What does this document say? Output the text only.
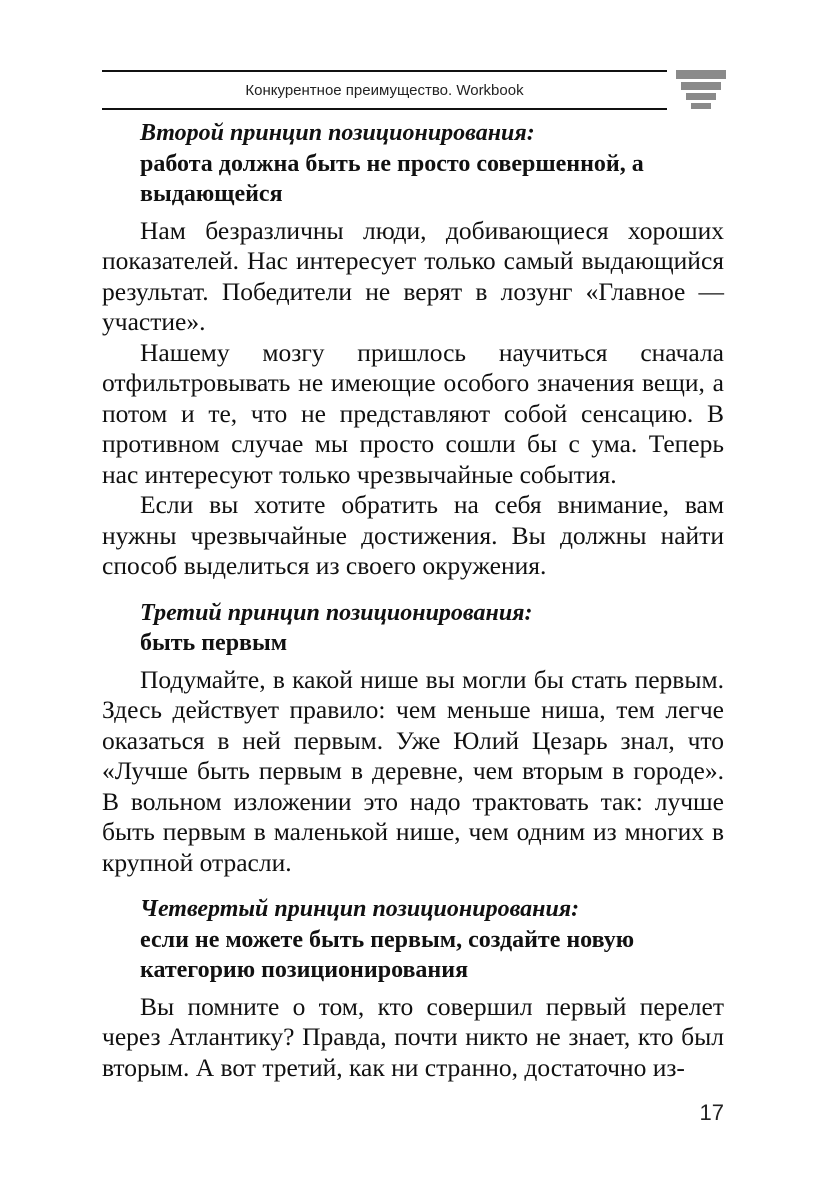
Конкурентное преимущество. Workbook
Второй принцип позиционирования:
работа должна быть не просто совершенной, а выдающейся

Нам безразличны люди, добивающиеся хороших показателей. Нас интересует только самый выдающийся результат. Победители не верят в лозунг «Главное — участие».

Нашему мозгу пришлось научиться сначала отфильтровывать не имеющие особого значения вещи, а потом и те, что не представляют собой сенсацию. В противном случае мы просто сошли бы с ума. Теперь нас интересуют только чрезвычайные события.

Если вы хотите обратить на себя внимание, вам нужны чрезвычайные достижения. Вы должны найти способ выделиться из своего окружения.

Третий принцип позиционирования:
быть первым

Подумайте, в какой нише вы могли бы стать первым. Здесь действует правило: чем меньше ниша, тем легче оказаться в ней первым. Уже Юлий Цезарь знал, что «Лучше быть первым в деревне, чем вторым в городе». В вольном изложении это надо трактовать так: лучше быть первым в маленькой нише, чем одним из многих в крупной отрасли.

Четвертый принцип позиционирования:
если не можете быть первым, создайте новую категорию позиционирования

Вы помните о том, кто совершил первый перелет через Атлантику? Правда, почти никто не знает, кто был вторым. А вот третий, как ни странно, достаточно из-

17
